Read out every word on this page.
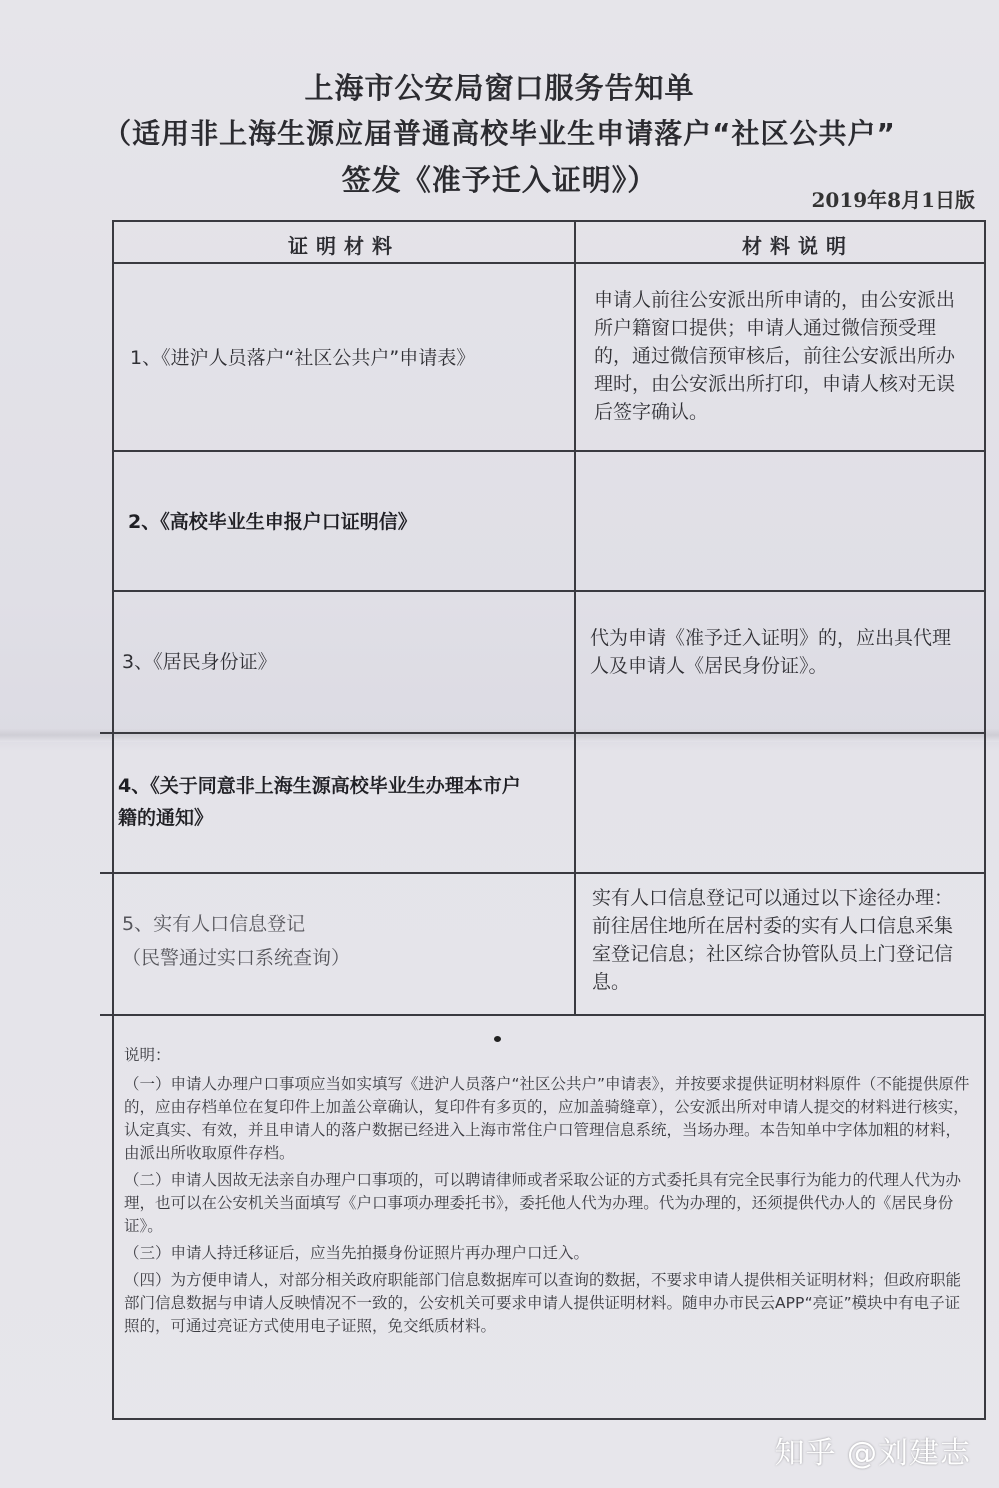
上海市公安局窗口服务告知单
（适用非上海生源应届普通高校毕业生申请落户“社区公共户”
签发《准予迁入证明》）
2019年8月1日版
证明材料	材料说明
1、《进沪人员落户“社区公共户”申请表》
申请人前往公安派出所申请的，由公安派出所户籍窗口提供；申请人通过微信预受理的，通过微信预审核后，前往公安派出所办理时，由公安派出所打印，申请人核对无误后签字确认。
2、《高校毕业生申报户口证明信》
3、《居民身份证》
代为申请《准予迁入证明》的，应出具代理人及申请人《居民身份证》。
4、《关于同意非上海生源高校毕业生办理本市户籍的通知》
5、实有人口信息登记
（民警通过实口系统查询）
实有人口信息登记可以通过以下途径办理：前往居住地所在居村委的实有人口信息采集室登记信息；社区综合协管队员上门登记信息。
说明：

（一）申请人办理户口事项应当如实填写《进沪人员落户“社区公共户”申请表》，并按要求提供证明材料原件（不能提供原件的，应由存档单位在复印件上加盖公章确认，复印件有多页的，应加盖骑缝章），公安派出所对申请人提交的材料进行核实，认定真实、有效，并且申请人的落户数据已经进入上海市常住户口管理信息系统，当场办理。本告知单中字体加粗的材料，由派出所收取原件存档。

（二）申请人因故无法亲自办理户口事项的，可以聘请律师或者采取公证的方式委托具有完全民事行为能力的代理人代为办理，也可以在公安机关当面填写《户口事项办理委托书》，委托他人代为办理。代为办理的，还须提供代办人的《居民身份证》。

（三）申请人持迁移证后，应当先拍摄身份证照片再办理户口迁入。

（四）为方便申请人，对部分相关政府职能部门信息数据库可以查询的数据，不要求申请人提供相关证明材料；但政府职能部门信息数据与申请人反映情况不一致的，公安机关可要求申请人提供证明材料。随申办市民云APP“亮证”模块中有电子证照的，可通过亮证方式使用电子证照，免交纸质材料。

知乎 @刘建志
